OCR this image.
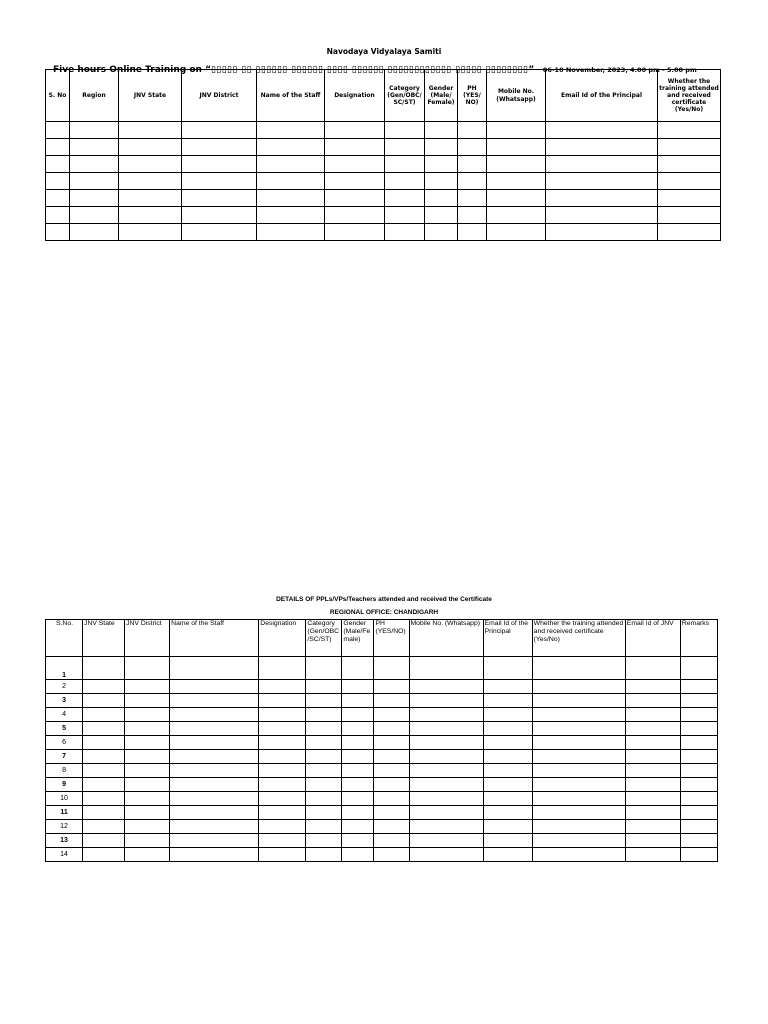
Navodaya Vidyalaya Samiti
Five hours Online Training on “▯▯▯▯▯ ▯▯ ▯▯▯▯▯▯ ▯▯▯▯▯▯ ▯▯▯▯ ▯▯▯▯▯▯ ▯▯▯▯▯▯▯▯▯▯▯▯ ▯▯▯▯▯ ▯▯▯▯▯▯▯▯” 06-10 November, 2023, 4.00 pm - 5.00 pm
S. No	Region	JNV State	JNV District	Name of the Staff	Designation	Category (Gen/OBC/ SC/ST)	Gender (Male/ Female)	PH (YES/ NO)	Mobile No. (Whatsapp)	Email Id of the Principal	Whether the training attended and received certificate (Yes/No)

DETAILS OF PPLs/VPs/Teachers attended and received the Certificate
REGIONAL OFFICE: CHANDIGARH
S.No.	JNV State	JNV District	Name of the Staff	Designation	Category (Gen/OBC /SC/ST)	Gender (Male/Fe male)	PH (YES/NO)	Mobile No. (Whatsapp)	Email Id of the Principal	Whether the training attended and received certificate (Yes/No)	Email Id of JNV	Remarks
1												
2												
3												
4												
5												
6												
7												
8												
9												
10												
11												
12												
13												
14												
